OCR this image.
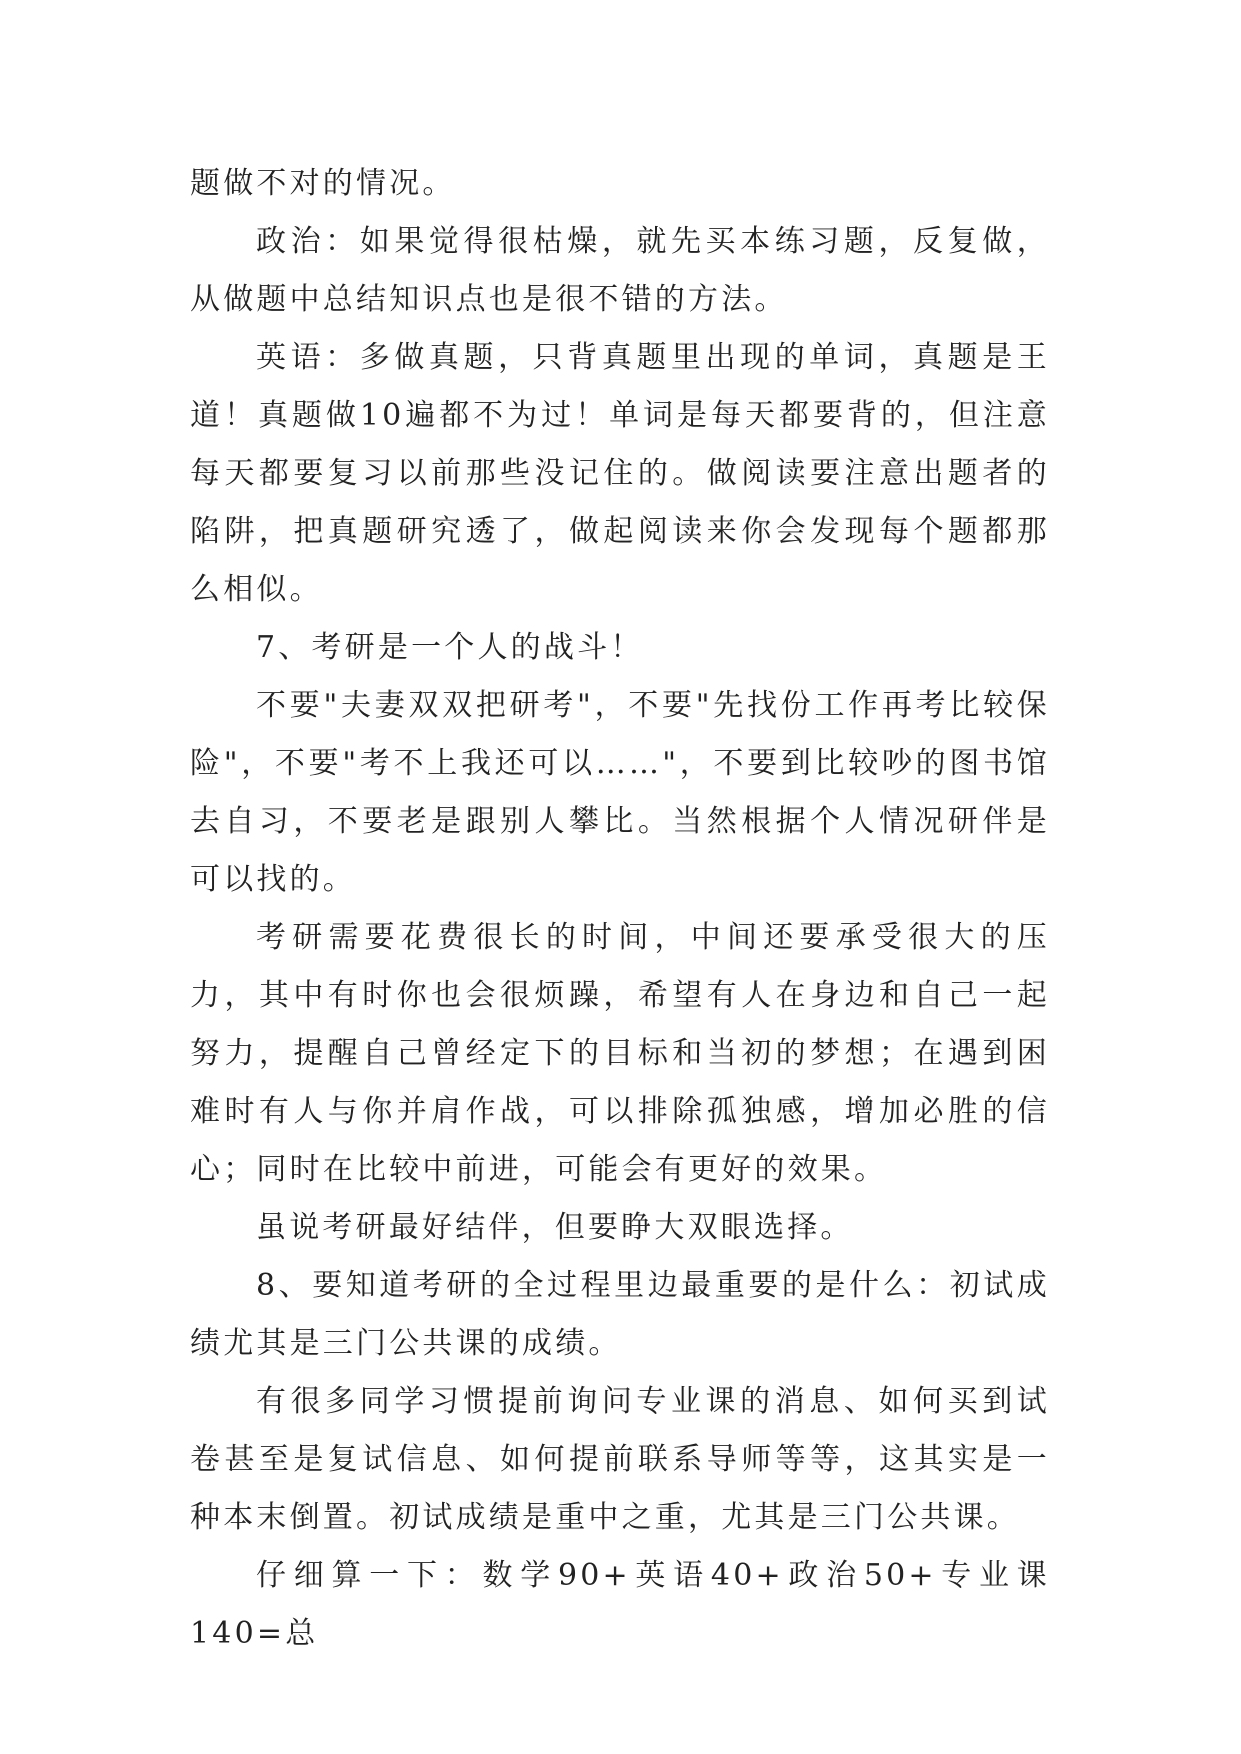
题做不对的情况。

政治：如果觉得很枯燥，就先买本练习题，反复做，从做题中总结知识点也是很不错的方法。

英语：多做真题，只背真题里出现的单词，真题是王道！真题做10遍都不为过！单词是每天都要背的，但注意每天都要复习以前那些没记住的。做阅读要注意出题者的陷阱，把真题研究透了，做起阅读来你会发现每个题都那么相似。

7、考研是一个人的战斗！

不要"夫妻双双把研考"，不要"先找份工作再考比较保险"，不要"考不上我还可以……"，不要到比较吵的图书馆去自习，不要老是跟别人攀比。当然根据个人情况研伴是可以找的。

考研需要花费很长的时间，中间还要承受很大的压力，其中有时你也会很烦躁，希望有人在身边和自己一起努力，提醒自己曾经定下的目标和当初的梦想；在遇到困难时有人与你并肩作战，可以排除孤独感，增加必胜的信心；同时在比较中前进，可能会有更好的效果。

虽说考研最好结伴，但要睁大双眼选择。

8、要知道考研的全过程里边最重要的是什么：初试成绩尤其是三门公共课的成绩。

有很多同学习惯提前询问专业课的消息、如何买到试卷甚至是复试信息、如何提前联系导师等等，这其实是一种本末倒置。初试成绩是重中之重，尤其是三门公共课。

仔细算一下：数学90+英语40+政治50+专业课140=总
